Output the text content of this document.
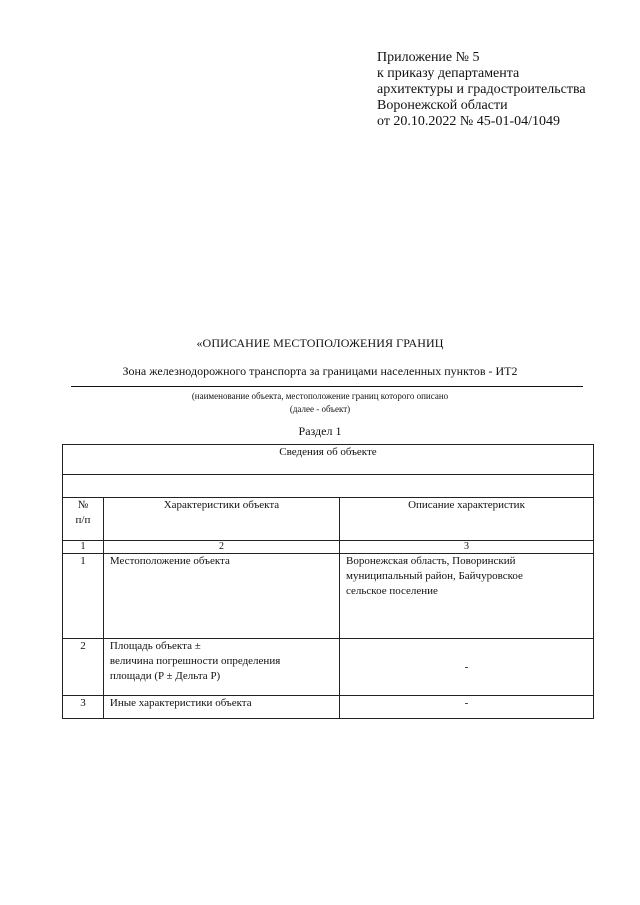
Приложение № 5
к приказу департамента
архитектуры и градостроительства
Воронежской области
от 20.10.2022 № 45-01-04/1049
«ОПИСАНИЕ МЕСТОПОЛОЖЕНИЯ ГРАНИЦ
Зона железнодорожного транспорта за границами населенных пунктов - ИТ2
(наименование объекта, местоположение границ которого описано
(далее - объект)
Раздел 1
Сведения об объекте		

№
п/п	Характеристики объекта	Описание характеристик
1	2	3
1	Местоположение объекта	Воронежская область, Поворинский
муниципальный район, Байчуровское
сельское поселение

2	Площадь объекта ±
величина погрешности определения
площади (P ± Дельта P)	-
3	Иные характеристики объекта	-
